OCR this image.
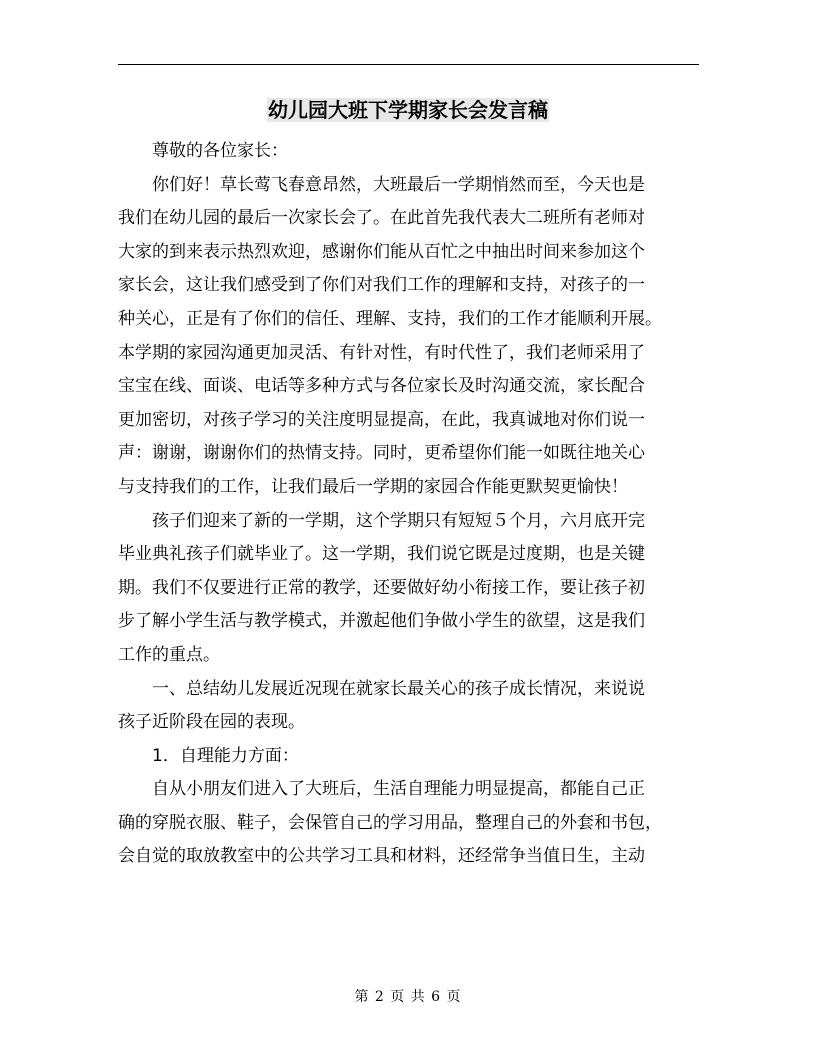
幼儿园大班下学期家长会发言稿

尊敬的各位家长：

你们好！草长莺飞春意昂然，大班最后一学期悄然而至，今天也是
我们在幼儿园的最后一次家长会了。在此首先我代表大二班所有老师对
大家的到来表示热烈欢迎，感谢你们能从百忙之中抽出时间来参加这个
家长会，这让我们感受到了你们对我们工作的理解和支持，对孩子的一
种关心，正是有了你们的信任、理解、支持，我们的工作才能顺利开展。
本学期的家园沟通更加灵活、有针对性，有时代性了，我们老师采用了
宝宝在线、面谈、电话等多种方式与各位家长及时沟通交流，家长配合
更加密切，对孩子学习的关注度明显提高，在此，我真诚地对你们说一
声：谢谢，谢谢你们的热情支持。同时，更希望你们能一如既往地关心
与支持我们的工作，让我们最后一学期的家园合作能更默契更愉快！

孩子们迎来了新的一学期，这个学期只有短短５个月，六月底开完
毕业典礼孩子们就毕业了。这一学期，我们说它既是过度期，也是关键
期。我们不仅要进行正常的教学，还要做好幼小衔接工作，要让孩子初
步了解小学生活与教学模式，并激起他们争做小学生的欲望，这是我们
工作的重点。

一、总结幼儿发展近况现在就家长最关心的孩子成长情况，来说说
孩子近阶段在园的表现。

1．自理能力方面：

自从小朋友们进入了大班后，生活自理能力明显提高，都能自己正
确的穿脱衣服、鞋子，会保管自己的学习用品，整理自己的外套和书包，
会自觉的取放教室中的公共学习工具和材料，还经常争当值日生，主动

第 2 页 共 6 页
